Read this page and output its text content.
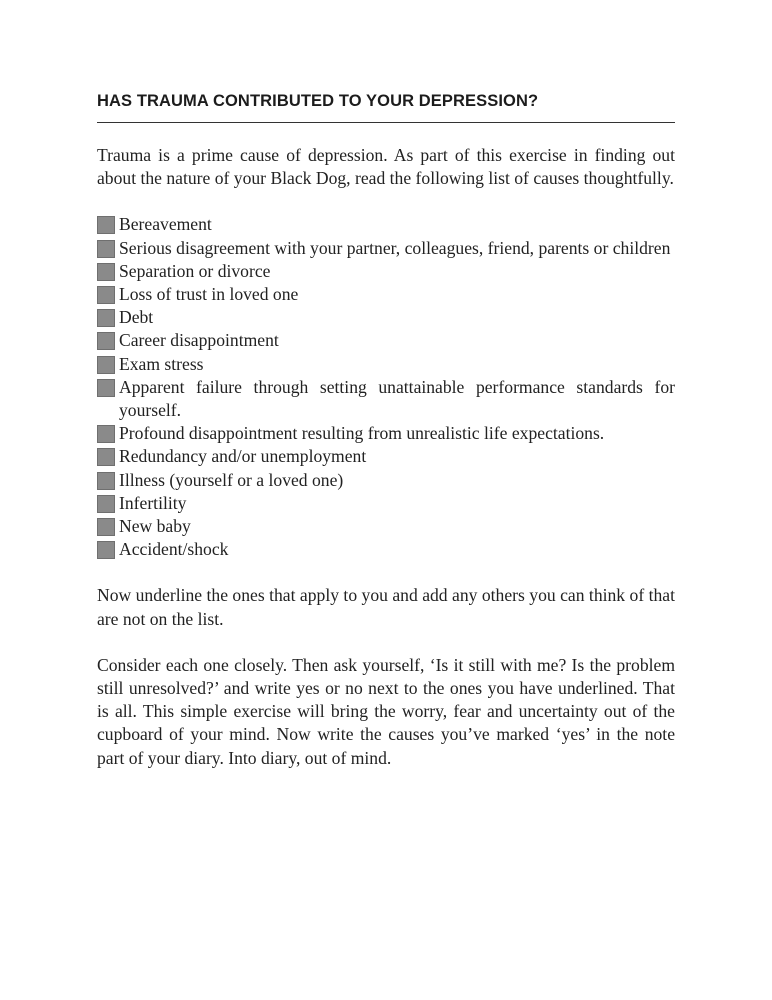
HAS TRAUMA CONTRIBUTED TO YOUR DEPRESSION?

Trauma is a prime cause of depression. As part of this exercise in finding out about the nature of your Black Dog, read the following list of causes thoughtfully.

Bereavement
Serious disagreement with your partner, colleagues, friend, parents or children
Separation or divorce
Loss of trust in loved one
Debt
Career disappointment
Exam stress
Apparent failure through setting unattainable performance standards for yourself.
Profound disappointment resulting from unrealistic life expectations.
Redundancy and/or unemployment
Illness (yourself or a loved one)
Infertility
New baby
Accident/shock

Now underline the ones that apply to you and add any others you can think of that are not on the list.

Consider each one closely. Then ask yourself, ‘Is it still with me? Is the problem still unresolved?’ and write yes or no next to the ones you have underlined. That is all. This simple exercise will bring the worry, fear and uncertainty out of the cupboard of your mind. Now write the causes you’ve marked ‘yes’ in the note part of your diary. Into diary, out of mind.
